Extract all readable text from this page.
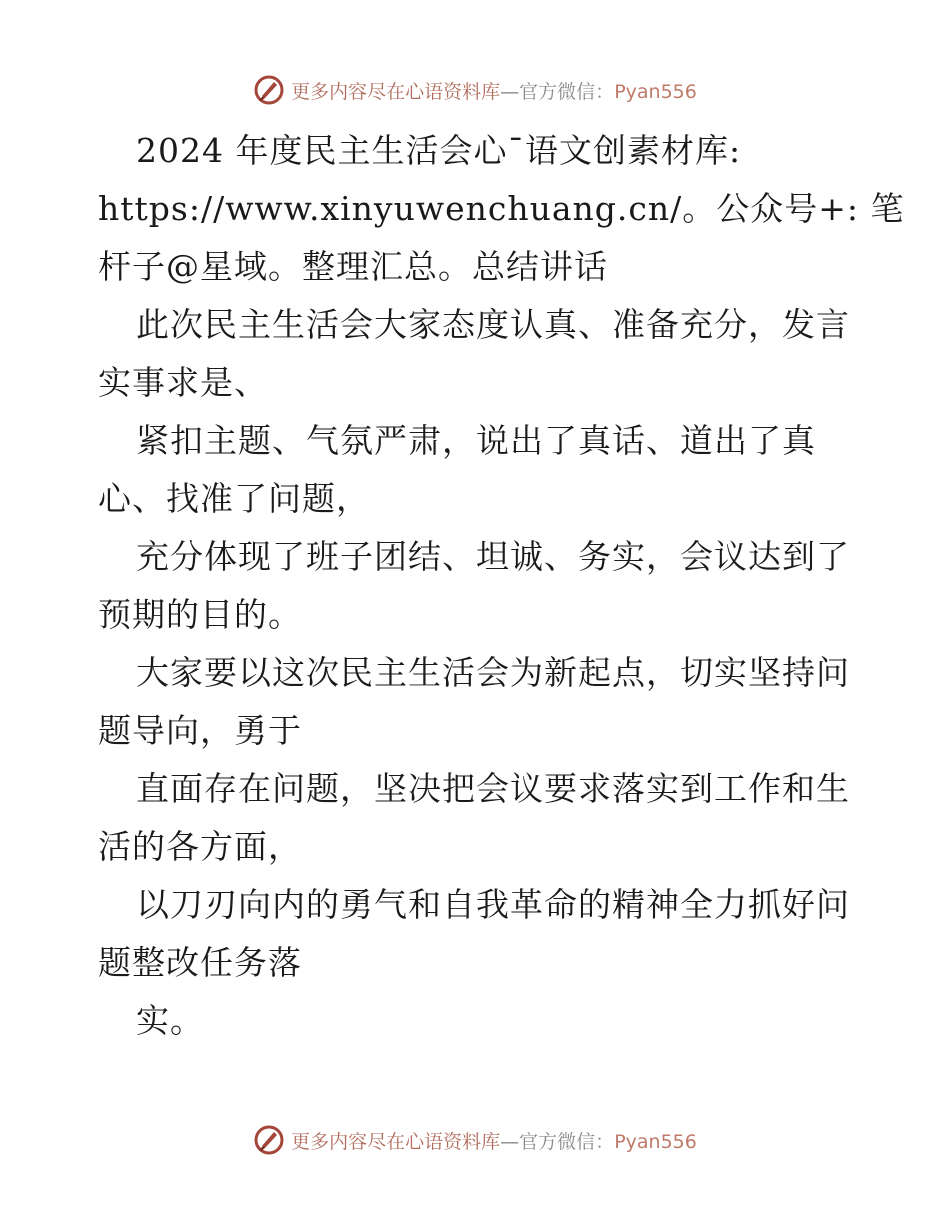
更多内容尽在心语资料库—官方微信：Pyan556
2024 年度民主生活会心¯语文创素材库:
https://www.xinyuwenchuang.cn/。公众号+: 笔
杆子@星域。整理汇总。总结讲话
此次民主生活会大家态度认真、准备充分，发言
实事求是、
紧扣主题、气氛严肃，说出了真话、道出了真
心、找准了问题，
充分体现了班子团结、坦诚、务实，会议达到了
预期的目的。
大家要以这次民主生活会为新起点，切实坚持问
题导向，勇于
直面存在问题，坚决把会议要求落实到工作和生
活的各方面，
以刀刃向内的勇气和自我革命的精神全力抓好问
题整改任务落
实。
更多内容尽在心语资料库—官方微信：Pyan556
